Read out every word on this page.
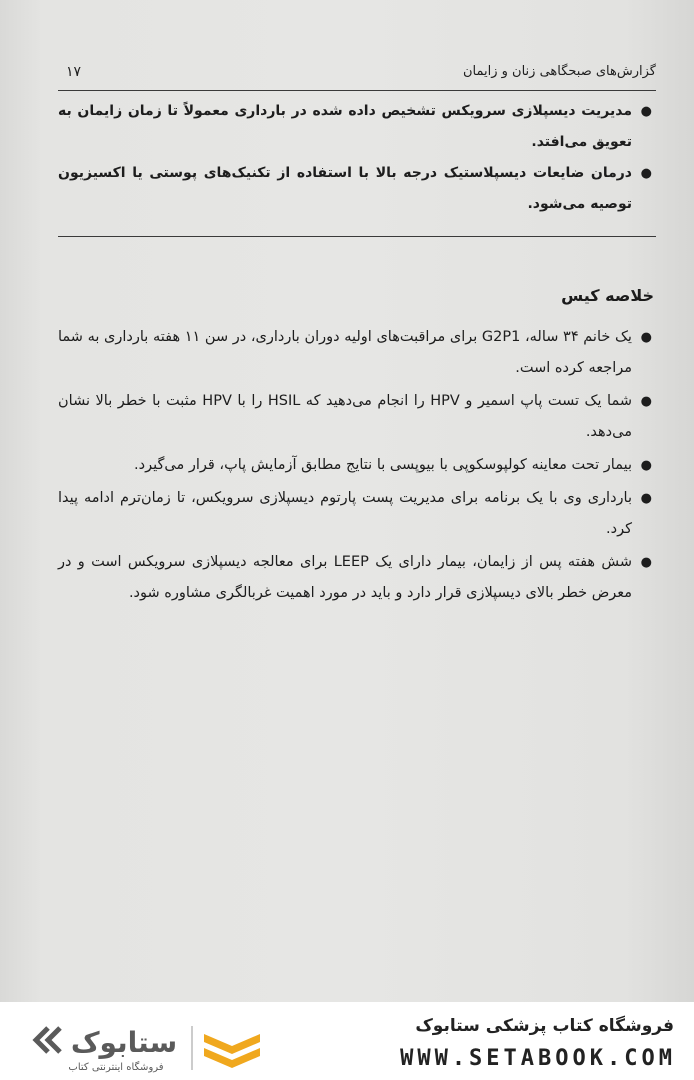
گزارش‌های صبحگاهی زنان و زایمان
۱۷
●
مدیریت دیسپلازی سرویکس تشخیص داده شده در بارداری معمولاً تا زمان زایمان به تعویق می‌افتد.
●
درمان ضایعات دیسپلاستیک درجه بالا با استفاده از تکنیک‌های پوستی یا اکسیزیون توصیه می‌شود.
خلاصه کیس
●
یک خانم ۳۴ ساله، G2P1 برای مراقبت‌های اولیه دوران بارداری، در سن ۱۱ هفته بارداری به شما مراجعه کرده است.
●
شما یک تست پاپ اسمیر و HPV را انجام می‌دهید که HSIL را با HPV مثبت با خطر بالا نشان می‌دهد.
●
بیمار تحت معاینه کولپوسکوپی با بیوپسی با نتایج مطابق آزمایش پاپ، قرار می‌گیرد.
●
بارداری وی با یک برنامه برای مدیریت پست پارتوم دیسپلازی سرویکس، تا زمان‌ترم ادامه پیدا کرد.
●
شش هفته پس از زایمان، بیمار دارای یک LEEP برای معالجه دیسپلازی سرویکس است و در معرض خطر بالای دیسپلازی قرار دارد و باید در مورد اهمیت غربالگری مشاوره شود.
ستابوک
فروشگاه اینترنتی کتاب
فروشگاه کتاب پزشکی ستابوک
WWW.SETABOOK.COM
